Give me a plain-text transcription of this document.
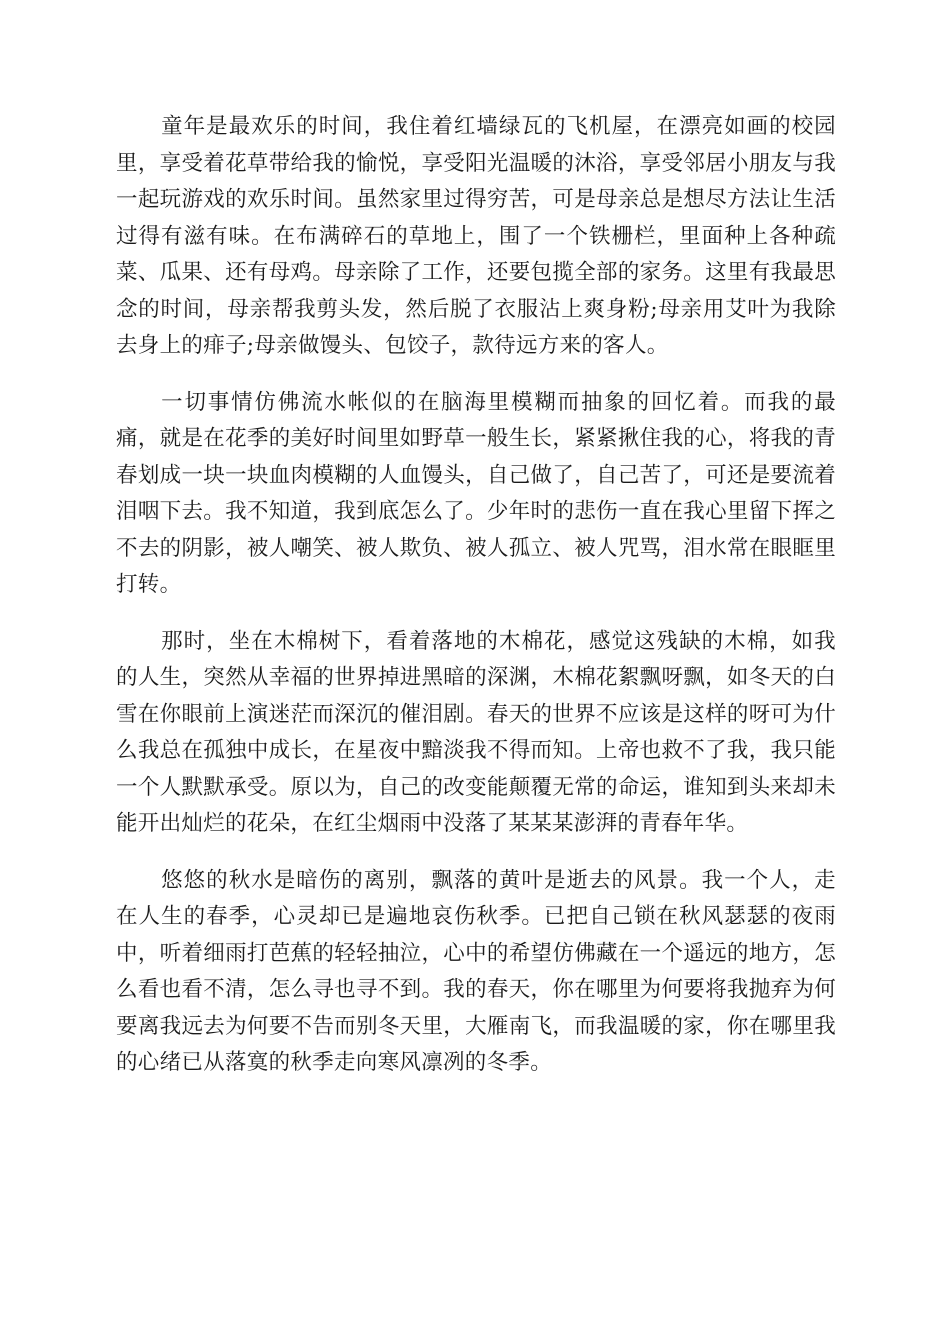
童年是最欢乐的时间，我住着红墙绿瓦的飞机屋，在漂亮如画的校园里，享受着花草带给我的愉悦，享受阳光温暖的沐浴，享受邻居小朋友与我一起玩游戏的欢乐时间。虽然家里过得穷苦，可是母亲总是想尽方法让生活过得有滋有味。在布满碎石的草地上，围了一个铁栅栏，里面种上各种疏菜、瓜果、还有母鸡。母亲除了工作，还要包揽全部的家务。这里有我最思念的时间，母亲帮我剪头发，然后脱了衣服沾上爽身粉;母亲用艾叶为我除去身上的痱子;母亲做馒头、包饺子，款待远方来的客人。

一切事情仿佛流水帐似的在脑海里模糊而抽象的回忆着。而我的最痛，就是在花季的美好时间里如野草一般生长，紧紧揪住我的心，将我的青春划成一块一块血肉模糊的人血馒头，自己做了，自己苦了，可还是要流着泪咽下去。我不知道，我到底怎么了。少年时的悲伤一直在我心里留下挥之不去的阴影，被人嘲笑、被人欺负、被人孤立、被人咒骂，泪水常在眼眶里打转。

那时，坐在木棉树下，看着落地的木棉花，感觉这残缺的木棉，如我的人生，突然从幸福的世界掉进黑暗的深渊，木棉花絮飘呀飘，如冬天的白雪在你眼前上演迷茫而深沉的催泪剧。春天的世界不应该是这样的呀可为什么我总在孤独中成长，在星夜中黯淡我不得而知。上帝也救不了我，我只能一个人默默承受。原以为，自己的改变能颠覆无常的命运，谁知到头来却未能开出灿烂的花朵，在红尘烟雨中没落了某某某澎湃的青春年华。

悠悠的秋水是暗伤的离别，飘落的黄叶是逝去的风景。我一个人，走在人生的春季，心灵却已是遍地哀伤秋季。已把自己锁在秋风瑟瑟的夜雨中，听着细雨打芭蕉的轻轻抽泣，心中的希望仿佛藏在一个遥远的地方，怎么看也看不清，怎么寻也寻不到。我的春天，你在哪里为何要将我抛弃为何要离我远去为何要不告而别冬天里，大雁南飞，而我温暖的家，你在哪里我的心绪已从落寞的秋季走向寒风凛冽的冬季。
